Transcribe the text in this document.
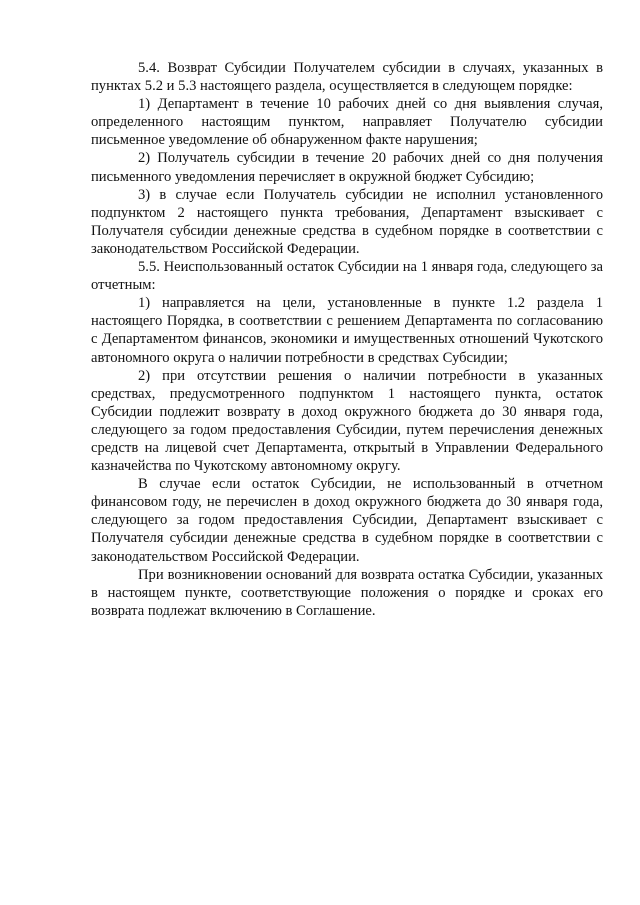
5.4. Возврат Субсидии Получателем субсидии в случаях, указанных в пунктах 5.2 и 5.3 настоящего раздела, осуществляется в следующем порядке:

1) Департамент в течение 10 рабочих дней со дня выявления случая, определенного настоящим пунктом, направляет Получателю субсидии письменное уведомление об обнаруженном факте нарушения;

2) Получатель субсидии в течение 20 рабочих дней со дня получения письменного уведомления перечисляет в окружной бюджет Субсидию;

3) в случае если Получатель субсидии не исполнил установленного подпунктом 2 настоящего пункта требования, Департамент взыскивает с Получателя субсидии денежные средства в судебном порядке в соответствии с законодательством Российской Федерации.

5.5. Неиспользованный остаток Субсидии на 1 января года, следующего за отчетным:

1) направляется на цели, установленные в пункте 1.2 раздела 1 настоящего Порядка, в соответствии с решением Департамента по согласованию с Департаментом финансов, экономики и имущественных отношений Чукотского автономного округа о наличии потребности в средствах Субсидии;

2) при отсутствии решения о наличии потребности в указанных средствах, предусмотренного подпунктом 1 настоящего пункта, остаток Субсидии подлежит возврату в доход окружного бюджета до 30 января года, следующего за годом предоставления Субсидии, путем перечисления денежных средств на лицевой счет Департамента, открытый в Управлении Федерального казначейства по Чукотскому автономному округу.

В случае если остаток Субсидии, не использованный в отчетном финансовом году, не перечислен в доход окружного бюджета до 30 января года, следующего за годом предоставления Субсидии, Департамент взыскивает с Получателя субсидии денежные средства в судебном порядке в соответствии с законодательством Российской Федерации.

При возникновении оснований для возврата остатка Субсидии, указанных в настоящем пункте, соответствующие положения о порядке и сроках его возврата подлежат включению в Соглашение.
